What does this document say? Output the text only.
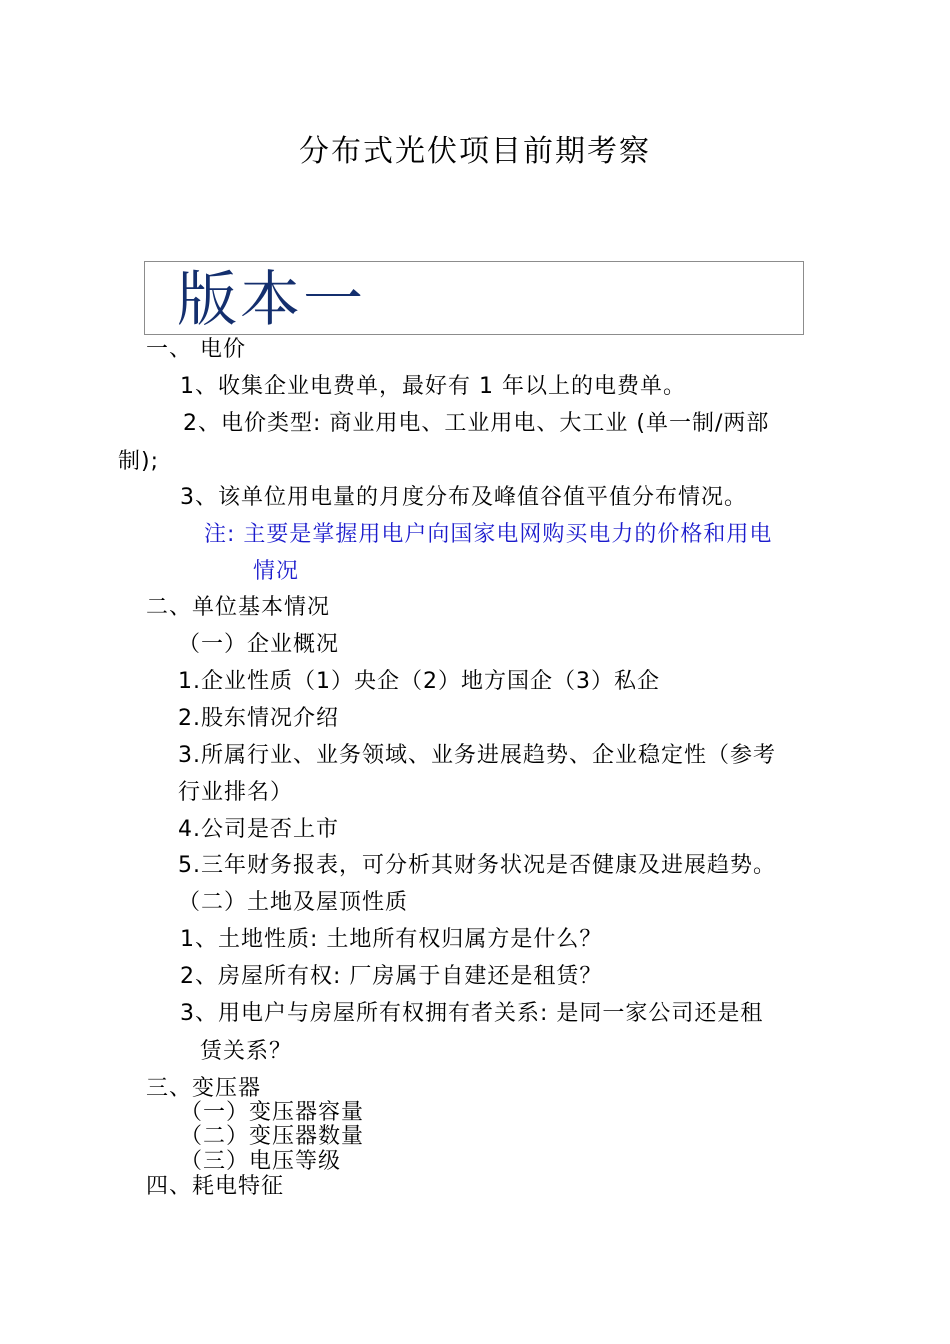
分布式光伏项目前期考察
版本一
一、 电价
1、收集企业电费单，最好有 1 年以上的电费单。
2、电价类型: 商业用电、工业用电、大工业 (单一制/两部
制);
3、该单位用电量的月度分布及峰值谷值平值分布情况。
注: 主要是掌握用电户向国家电网购买电力的价格和用电
情况
二、单位基本情况
（一）企业概况
1.企业性质（1）央企（2）地方国企（3）私企
2.股东情况介绍
3.所属行业、业务领域、业务进展趋势、企业稳定性（参考
行业排名）
4.公司是否上市
5.三年财务报表，可分析其财务状况是否健康及进展趋势。
（二）土地及屋顶性质
1、土地性质: 土地所有权归属方是什么？
2、房屋所有权: 厂房属于自建还是租赁？
3、用电户与房屋所有权拥有者关系: 是同一家公司还是租
赁关系？
三、变压器
（一）变压器容量
（二）变压器数量
（三）电压等级
四、耗电特征
